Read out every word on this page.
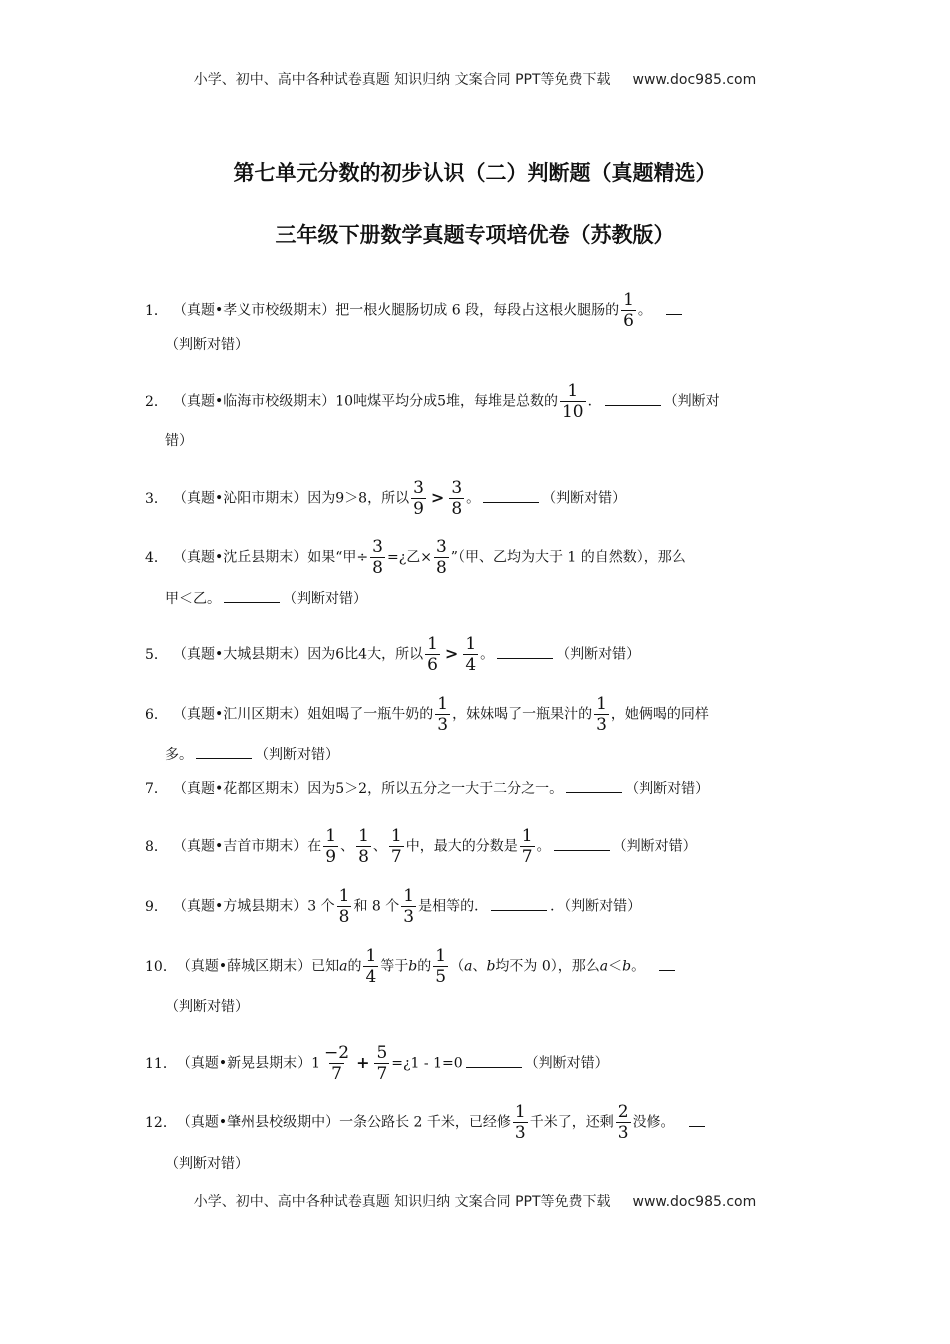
小学、初中、高中各种试卷真题 知识归纳 文案合同 PPT等免费下载 www.doc985.com
第七单元分数的初步认识（二）判断题（真题精选）
三年级下册数学真题专项培优卷（苏教版）
1． （真题•孝义市校级期末）把一根火腿肠切成 6 段，每段占这根火腿肠的 $\frac{1}{6}$ 。
（判断对错）
2． （真题•临海市校级期末）10吨煤平均分成5堆，每堆是总数的 $\frac{1}{10}$ ．	（判断对
错）
3． （真题•沁阳市期末）因为9＞8，所以 $\frac{3}{9} > \frac{3}{8}$ 。	（判断对错）
4． （真题•沈丘县期末）如果“甲÷ $\frac{3}{8}$ =¿乙× $\frac{3}{8}$ ”（甲、乙均为大于 1 的自然数），那么
甲＜乙。	（判断对错）
5． （真题•大城县期末）因为6比4大，所以 $\frac{1}{6} > \frac{1}{4}$ 。	（判断对错）
6． （真题•汇川区期末）姐姐喝了一瓶牛奶的 $\frac{1}{3}$ ，妹妹喝了一瓶果汁的 $\frac{1}{3}$ ，她俩喝的同样
多。	（判断对错）
7． （真题•花都区期末）因为5＞2，所以五分之一大于二分之一。	（判断对错）
8． （真题•吉首市期末）在 $\frac{1}{9}$ 、 $\frac{1}{8}$ 、 $\frac{1}{7}$ 中，最大的分数是 $\frac{1}{7}$ 。	（判断对错）
9． （真题•方城县期末）3 个 $\frac{1}{8}$ 和 8 个 $\frac{1}{3}$ 是相等的．	．（判断对错）
10．（真题•薛城区期末）已知a的 $\frac{1}{4}$ 等于b的 $\frac{1}{5} (a$、b均不为 0），那么a＜b。
（判断对错）
11．（真题•新晃县期末）$1 \frac{-2}{7} + \frac{5}{7}$ =¿1 - 1=0	（判断对错）
12．（真题•肇州县校级期中）一条公路长 2 千米，已经修 $\frac{1}{3}$ 千米了，还剩 $\frac{2}{3}$ 没修。
（判断对错）
小学、初中、高中各种试卷真题 知识归纳 文案合同 PPT等免费下载 www.doc985.com
